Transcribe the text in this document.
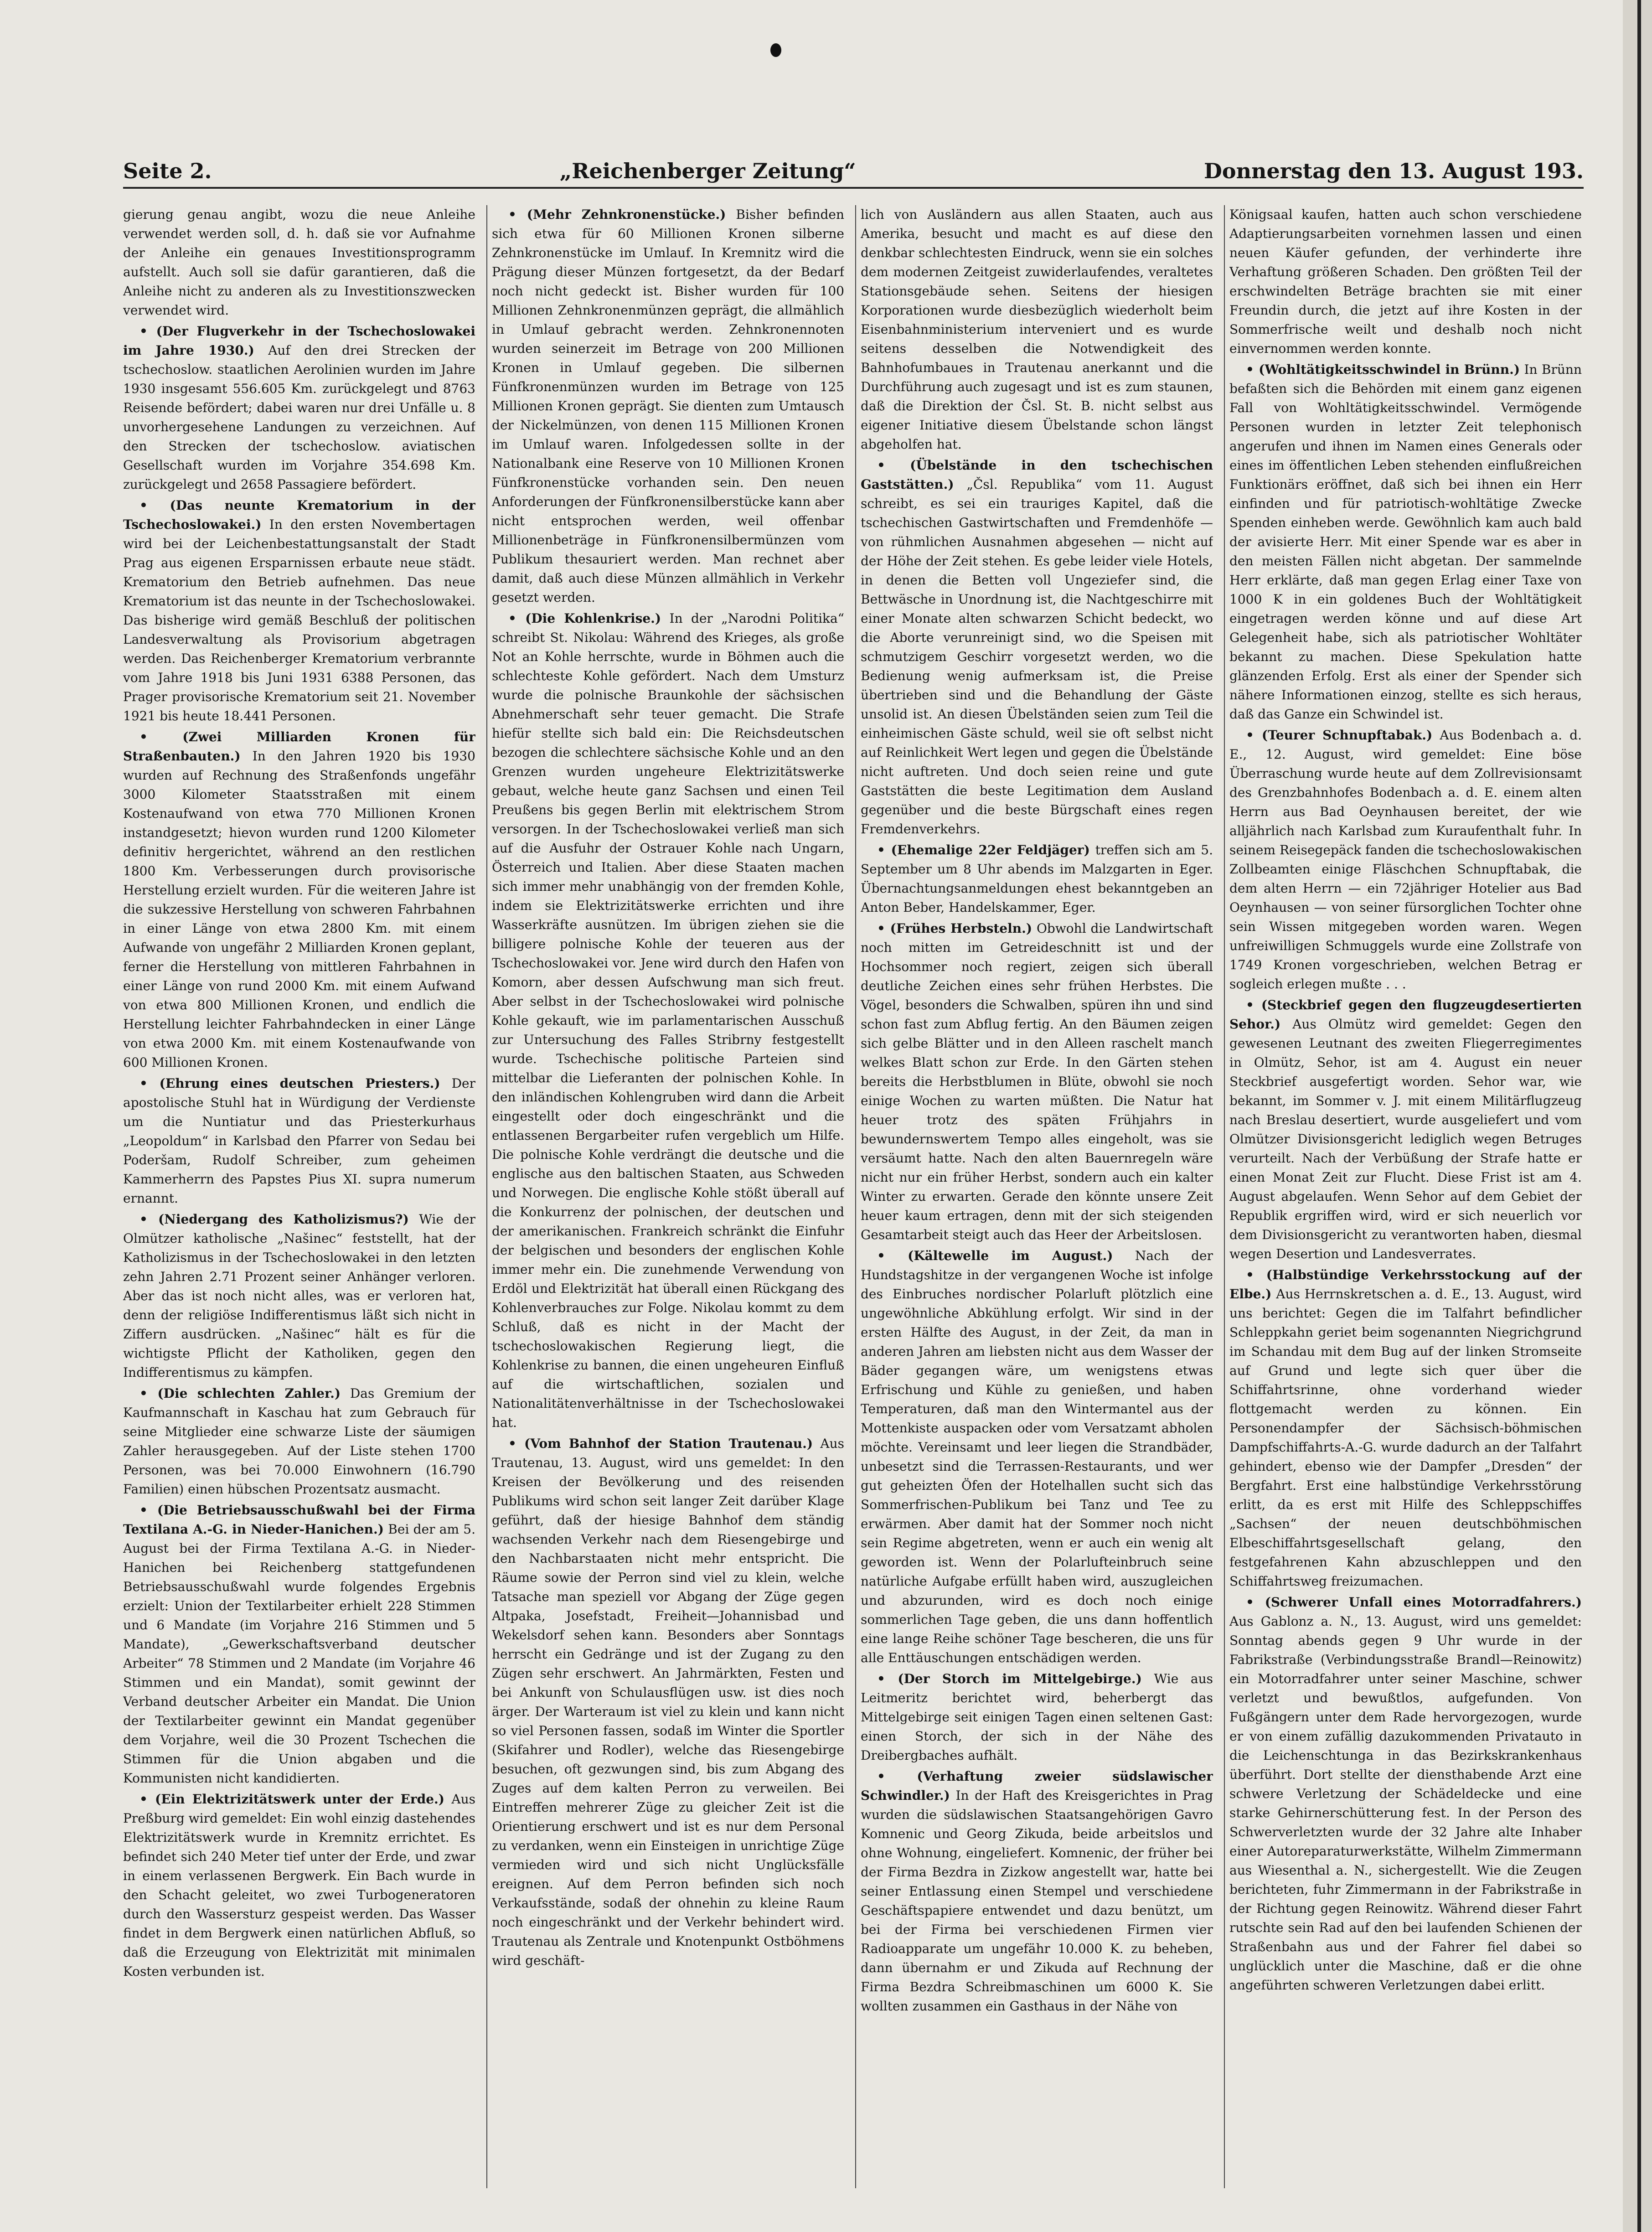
Seite 2.	„Reichenberger Zeitung“	Donnerstag den 13. August 193.

gierung genau angibt, wozu die neue Anleihe verwendet werden soll, d. h. daß sie vor Aufnahme der Anleihe ein genaues Investitionsprogramm aufstellt. Auch soll sie dafür garantieren, daß die Anleihe nicht zu anderen als zu Investitionszwecken verwendet wird.

• (Der Flugverkehr in der Tschechoslowakei im Jahre 1930.) Auf den drei Strecken der tschechoslow. staatlichen Aerolinien wurden im Jahre 1930 insgesamt 556.605 Km. zurückgelegt und 8763 Reisende befördert; dabei waren nur drei Unfälle u. 8 unvorhergesehene Landungen zu verzeichnen. Auf den Strecken der tschechoslow. aviatischen Gesellschaft wurden im Vorjahre 354.698 Km. zurückgelegt und 2658 Passagiere befördert.

• (Das neunte Krematorium in der Tschechoslowakei.) In den ersten Novembertagen wird bei der Leichenbestattungsanstalt der Stadt Prag aus eigenen Ersparnissen erbaute neue städt. Krematorium den Betrieb aufnehmen. Das neue Krematorium ist das neunte in der Tschechoslowakei. Das bisherige wird gemäß Beschluß der politischen Landesverwaltung als Provisorium abgetragen werden. Das Reichenberger Krematorium verbrannte vom Jahre 1918 bis Juni 1931 6388 Personen, das Prager provisorische Krematorium seit 21. November 1921 bis heute 18.441 Personen.

• (Zwei Milliarden Kronen für Straßenbauten.) In den Jahren 1920 bis 1930 wurden auf Rechnung des Straßenfonds ungefähr 3000 Kilometer Staatsstraßen mit einem Kostenaufwand von etwa 770 Millionen Kronen instandgesetzt; hievon wurden rund 1200 Kilometer definitiv hergerichtet, während an den restlichen 1800 Km. Verbesserungen durch provisorische Herstellung erzielt wurden. Für die weiteren Jahre ist die sukzessive Herstellung von schweren Fahrbahnen in einer Länge von etwa 2800 Km. mit einem Aufwande von ungefähr 2 Milliarden Kronen geplant, ferner die Herstellung von mittleren Fahrbahnen in einer Länge von rund 2000 Km. mit einem Aufwand von etwa 800 Millionen Kronen, und endlich die Herstellung leichter Fahrbahndecken in einer Länge von etwa 2000 Km. mit einem Kostenaufwande von 600 Millionen Kronen.

• (Ehrung eines deutschen Priesters.) Der apostolische Stuhl hat in Würdigung der Verdienste um die Nuntiatur und das Priesterkurhaus „Leopoldum“ in Karlsbad den Pfarrer von Sedau bei Poderšam, Rudolf Schreiber, zum geheimen Kammerherrn des Papstes Pius XI. supra numerum ernannt.

• (Niedergang des Katholizismus?) Wie der Olmützer katholische „Našinec“ feststellt, hat der Katholizismus in der Tschechoslowakei in den letzten zehn Jahren 2.71 Prozent seiner Anhänger verloren. Aber das ist noch nicht alles, was er verloren hat, denn der religiöse Indifferentismus läßt sich nicht in Ziffern ausdrücken. „Našinec“ hält es für die wichtigste Pflicht der Katholiken, gegen den Indifferentismus zu kämpfen.

• (Die schlechten Zahler.) Das Gremium der Kaufmannschaft in Kaschau hat zum Gebrauch für seine Mitglieder eine schwarze Liste der säumigen Zahler herausgegeben. Auf der Liste stehen 1700 Personen, was bei 70.000 Einwohnern (16.790 Familien) einen hübschen Prozentsatz ausmacht.

• (Die Betriebsausschußwahl bei der Firma Textilana A.-G. in Nieder-Hanichen.) Bei der am 5. August bei der Firma Textilana A.-G. in Nieder-Hanichen bei Reichenberg stattgefundenen Betriebsausschußwahl wurde folgendes Ergebnis erzielt: Union der Textilarbeiter erhielt 228 Stimmen und 6 Mandate (im Vorjahre 216 Stimmen und 5 Mandate), „Gewerkschaftsverband deutscher Arbeiter“ 78 Stimmen und 2 Mandate (im Vorjahre 46 Stimmen und ein Mandat), somit gewinnt der Verband deutscher Arbeiter ein Mandat. Die Union der Textilarbeiter gewinnt ein Mandat gegenüber dem Vorjahre, weil die 30 Prozent Tschechen die Stimmen für die Union abgaben und die Kommunisten nicht kandidierten.

• (Ein Elektrizitätswerk unter der Erde.) Aus Preßburg wird gemeldet: Ein wohl einzig dastehendes Elektrizitätswerk wurde in Kremnitz errichtet. Es befindet sich 240 Meter tief unter der Erde, und zwar in einem verlassenen Bergwerk. Ein Bach wurde in den Schacht geleitet, wo zwei Turbogeneratoren durch den Wassersturz gespeist werden. Das Wasser findet in dem Bergwerk einen natürlichen Abfluß, so daß die Erzeugung von Elektrizität mit minimalen Kosten verbunden ist.

• (Mehr Zehnkronenstücke.) Bisher befinden sich etwa für 60 Millionen Kronen silberne Zehnkronenstücke im Umlauf. In Kremnitz wird die Prägung dieser Münzen fortgesetzt, da der Bedarf noch nicht gedeckt ist. Bisher wurden für 100 Millionen Zehnkronenmünzen geprägt, die allmählich in Umlauf gebracht werden. Zehnkronennoten wurden seinerzeit im Betrage von 200 Millionen Kronen in Umlauf gegeben. Die silbernen Fünfkronenmünzen wurden im Betrage von 125 Millionen Kronen geprägt. Sie dienten zum Umtausch der Nickelmünzen, von denen 115 Millionen Kronen im Umlauf waren. Infolgedessen sollte in der Nationalbank eine Reserve von 10 Millionen Kronen Fünfkronenstücke vorhanden sein. Den neuen Anforderungen der Fünfkronensilberstücke kann aber nicht entsprochen werden, weil offenbar Millionenbeträge in Fünfkronensilbermünzen vom Publikum thesauriert werden. Man rechnet aber damit, daß auch diese Münzen allmählich in Verkehr gesetzt werden.

• (Die Kohlenkrise.) In der „Narodni Politika“ schreibt St. Nikolau: Während des Krieges, als große Not an Kohle herrschte, wurde in Böhmen auch die schlechteste Kohle gefördert. Nach dem Umsturz wurde die polnische Braunkohle der sächsischen Abnehmerschaft sehr teuer gemacht. Die Strafe hiefür stellte sich bald ein: Die Reichsdeutschen bezogen die schlechtere sächsische Kohle und an den Grenzen wurden ungeheure Elektrizitätswerke gebaut, welche heute ganz Sachsen und einen Teil Preußens bis gegen Berlin mit elektrischem Strom versorgen. In der Tschechoslowakei verließ man sich auf die Ausfuhr der Ostrauer Kohle nach Ungarn, Österreich und Italien. Aber diese Staaten machen sich immer mehr unabhängig von der fremden Kohle, indem sie Elektrizitätswerke errichten und ihre Wasserkräfte ausnützen. Im übrigen ziehen sie die billigere polnische Kohle der teueren aus der Tschechoslowakei vor. Jene wird durch den Hafen von Komorn, aber dessen Aufschwung man sich freut. Aber selbst in der Tschechoslowakei wird polnische Kohle gekauft, wie im parlamentarischen Ausschuß zur Untersuchung des Falles Stribrny festgestellt wurde. Tschechische politische Parteien sind mittelbar die Lieferanten der polnischen Kohle. In den inländischen Kohlengruben wird dann die Arbeit eingestellt oder doch eingeschränkt und die entlassenen Bergarbeiter rufen vergeblich um Hilfe. Die polnische Kohle verdrängt die deutsche und die englische aus den baltischen Staaten, aus Schweden und Norwegen. Die englische Kohle stößt überall auf die Konkurrenz der polnischen, der deutschen und der amerikanischen. Frankreich schränkt die Einfuhr der belgischen und besonders der englischen Kohle immer mehr ein. Die zunehmende Verwendung von Erdöl und Elektrizität hat überall einen Rückgang des Kohlenverbrauches zur Folge. Nikolau kommt zu dem Schluß, daß es nicht in der Macht der tschechoslowakischen Regierung liegt, die Kohlenkrise zu bannen, die einen ungeheuren Einfluß auf die wirtschaftlichen, sozialen und Nationalitätenverhältnisse in der Tschechoslowakei hat.

• (Vom Bahnhof der Station Trautenau.) Aus Trautenau, 13. August, wird uns gemeldet: In den Kreisen der Bevölkerung und des reisenden Publikums wird schon seit langer Zeit darüber Klage geführt, daß der hiesige Bahnhof dem ständig wachsenden Verkehr nach dem Riesengebirge und den Nachbarstaaten nicht mehr entspricht. Die Räume sowie der Perron sind viel zu klein, welche Tatsache man speziell vor Abgang der Züge gegen Altpaka, Josefstadt, Freiheit—Johannisbad und Wekelsdorf sehen kann. Besonders aber Sonntags herrscht ein Gedränge und ist der Zugang zu den Zügen sehr erschwert. An Jahrmärkten, Festen und bei Ankunft von Schulausflügen usw. ist dies noch ärger. Der Warteraum ist viel zu klein und kann nicht so viel Personen fassen, sodaß im Winter die Sportler (Skifahrer und Rodler), welche das Riesengebirge besuchen, oft gezwungen sind, bis zum Abgang des Zuges auf dem kalten Perron zu verweilen. Bei Eintreffen mehrerer Züge zu gleicher Zeit ist die Orientierung erschwert und ist es nur dem Personal zu verdanken, wenn ein Einsteigen in unrichtige Züge vermieden wird und sich nicht Unglücksfälle ereignen. Auf dem Perron befinden sich noch Verkaufsstände, sodaß der ohnehin zu kleine Raum noch eingeschränkt und der Verkehr behindert wird. Trautenau als Zentrale und Knotenpunkt Ostböhmens wird geschäft-

lich von Ausländern aus allen Staaten, auch aus Amerika, besucht und macht es auf diese den denkbar schlechtesten Eindruck, wenn sie ein solches dem modernen Zeitgeist zuwiderlaufendes, veraltetes Stationsgebäude sehen. Seitens der hiesigen Korporationen wurde diesbezüglich wiederholt beim Eisenbahnministerium interveniert und es wurde seitens desselben die Notwendigkeit des Bahnhofumbaues in Trautenau anerkannt und die Durchführung auch zugesagt und ist es zum staunen, daß die Direktion der Čsl. St. B. nicht selbst aus eigener Initiative diesem Übelstande schon längst abgeholfen hat.

• (Übelstände in den tschechischen Gaststätten.) „Čsl. Republika“ vom 11. August schreibt, es sei ein trauriges Kapitel, daß die tschechischen Gastwirtschaften und Fremdenhöfe — von rühmlichen Ausnahmen abgesehen — nicht auf der Höhe der Zeit stehen. Es gebe leider viele Hotels, in denen die Betten voll Ungeziefer sind, die Bettwäsche in Unordnung ist, die Nachtgeschirre mit einer Monate alten schwarzen Schicht bedeckt, wo die Aborte verunreinigt sind, wo die Speisen mit schmutzigem Geschirr vorgesetzt werden, wo die Bedienung wenig aufmerksam ist, die Preise übertrieben sind und die Behandlung der Gäste unsolid ist. An diesen Übelständen seien zum Teil die einheimischen Gäste schuld, weil sie oft selbst nicht auf Reinlichkeit Wert legen und gegen die Übelstände nicht auftreten. Und doch seien reine und gute Gaststätten die beste Legitimation dem Ausland gegenüber und die beste Bürgschaft eines regen Fremdenverkehrs.

• (Ehemalige 22er Feldjäger) treffen sich am 5. September um 8 Uhr abends im Malzgarten in Eger. Übernachtungsanmeldungen ehest bekanntgeben an Anton Beber, Handelskammer, Eger.

• (Frühes Herbsteln.) Obwohl die Landwirtschaft noch mitten im Getreideschnitt ist und der Hochsommer noch regiert, zeigen sich überall deutliche Zeichen eines sehr frühen Herbstes. Die Vögel, besonders die Schwalben, spüren ihn und sind schon fast zum Abflug fertig. An den Bäumen zeigen sich gelbe Blätter und in den Alleen raschelt manch welkes Blatt schon zur Erde. In den Gärten stehen bereits die Herbstblumen in Blüte, obwohl sie noch einige Wochen zu warten müßten. Die Natur hat heuer trotz des späten Frühjahrs in bewundernswertem Tempo alles eingeholt, was sie versäumt hatte. Nach den alten Bauernregeln wäre nicht nur ein früher Herbst, sondern auch ein kalter Winter zu erwarten. Gerade den könnte unsere Zeit heuer kaum ertragen, denn mit der sich steigenden Gesamtarbeit steigt auch das Heer der Arbeitslosen.

• (Kältewelle im August.) Nach der Hundstagshitze in der vergangenen Woche ist infolge des Einbruches nordischer Polarluft plötzlich eine ungewöhnliche Abkühlung erfolgt. Wir sind in der ersten Hälfte des August, in der Zeit, da man in anderen Jahren am liebsten nicht aus dem Wasser der Bäder gegangen wäre, um wenigstens etwas Erfrischung und Kühle zu genießen, und haben Temperaturen, daß man den Wintermantel aus der Mottenkiste auspacken oder vom Versatzamt abholen möchte. Vereinsamt und leer liegen die Strandbäder, unbesetzt sind die Terrassen-Restaurants, und wer gut geheizten Öfen der Hotelhallen sucht sich das Sommerfrischen-Publikum bei Tanz und Tee zu erwärmen. Aber damit hat der Sommer noch nicht sein Regime abgetreten, wenn er auch ein wenig alt geworden ist. Wenn der Polarlufteinbruch seine natürliche Aufgabe erfüllt haben wird, auszugleichen und abzurunden, wird es doch noch einige sommerlichen Tage geben, die uns dann hoffentlich eine lange Reihe schöner Tage bescheren, die uns für alle Enttäuschungen entschädigen werden.

• (Der Storch im Mittelgebirge.) Wie aus Leitmeritz berichtet wird, beherbergt das Mittelgebirge seit einigen Tagen einen seltenen Gast: einen Storch, der sich in der Nähe des Dreibergbaches aufhält.

• (Verhaftung zweier südslawischer Schwindler.) In der Haft des Kreisgerichtes in Prag wurden die südslawischen Staatsangehörigen Gavro Komnenic und Georg Zikuda, beide arbeitslos und ohne Wohnung, eingeliefert. Komnenic, der früher bei der Firma Bezdra in Zizkow angestellt war, hatte bei seiner Entlassung einen Stempel und verschiedene Geschäftspapiere entwendet und dazu benützt, um bei der Firma bei verschiedenen Firmen vier Radioapparate um ungefähr 10.000 K. zu beheben, dann übernahm er und Zikuda auf Rechnung der Firma Bezdra Schreibmaschinen um 6000 K. Sie wollten zusammen ein Gasthaus in der Nähe von

Königsaal kaufen, hatten auch schon verschiedene Adaptierungsarbeiten vornehmen lassen und einen neuen Käufer gefunden, der verhinderte ihre Verhaftung größeren Schaden. Den größten Teil der erschwindelten Beträge brachten sie mit einer Freundin durch, die jetzt auf ihre Kosten in der Sommerfrische weilt und deshalb noch nicht einvernommen werden konnte.

• (Wohltätigkeitsschwindel in Brünn.) In Brünn befaßten sich die Behörden mit einem ganz eigenen Fall von Wohltätigkeitsschwindel. Vermögende Personen wurden in letzter Zeit telephonisch angerufen und ihnen im Namen eines Generals oder eines im öffentlichen Leben stehenden einflußreichen Funktionärs eröffnet, daß sich bei ihnen ein Herr einfinden und für patriotisch-wohltätige Zwecke Spenden einheben werde. Gewöhnlich kam auch bald der avisierte Herr. Mit einer Spende war es aber in den meisten Fällen nicht abgetan. Der sammelnde Herr erklärte, daß man gegen Erlag einer Taxe von 1000 K in ein goldenes Buch der Wohltätigkeit eingetragen werden könne und auf diese Art Gelegenheit habe, sich als patriotischer Wohltäter bekannt zu machen. Diese Spekulation hatte glänzenden Erfolg. Erst als einer der Spender sich nähere Informationen einzog, stellte es sich heraus, daß das Ganze ein Schwindel ist.

• (Teurer Schnupftabak.) Aus Bodenbach a. d. E., 12. August, wird gemeldet: Eine böse Überraschung wurde heute auf dem Zollrevisionsamt des Grenzbahnhofes Bodenbach a. d. E. einem alten Herrn aus Bad Oeynhausen bereitet, der wie alljährlich nach Karlsbad zum Kuraufenthalt fuhr. In seinem Reisegepäck fanden die tschechoslowakischen Zollbeamten einige Fläschchen Schnupftabak, die dem alten Herrn — ein 72jähriger Hotelier aus Bad Oeynhausen — von seiner fürsorglichen Tochter ohne sein Wissen mitgegeben worden waren. Wegen unfreiwilligen Schmuggels wurde eine Zollstrafe von 1749 Kronen vorgeschrieben, welchen Betrag er sogleich erlegen mußte . . .

• (Steckbrief gegen den flugzeugdesertierten Sehor.) Aus Olmütz wird gemeldet: Gegen den gewesenen Leutnant des zweiten Fliegerregimentes in Olmütz, Sehor, ist am 4. August ein neuer Steckbrief ausgefertigt worden. Sehor war, wie bekannt, im Sommer v. J. mit einem Militärflugzeug nach Breslau desertiert, wurde ausgeliefert und vom Olmützer Divisionsgericht lediglich wegen Betruges verurteilt. Nach der Verbüßung der Strafe hatte er einen Monat Zeit zur Flucht. Diese Frist ist am 4. August abgelaufen. Wenn Sehor auf dem Gebiet der Republik ergriffen wird, wird er sich neuerlich vor dem Divisionsgericht zu verantworten haben, diesmal wegen Desertion und Landesverrates.

• (Halbstündige Verkehrsstockung auf der Elbe.) Aus Herrnskretschen a. d. E., 13. August, wird uns berichtet: Gegen die im Talfahrt befindlicher Schleppkahn geriet beim sogenannten Niegrichgrund im Schandau mit dem Bug auf der linken Stromseite auf Grund und legte sich quer über die Schiffahrtsrinne, ohne vorderhand wieder flottgemacht werden zu können. Ein Personendampfer der Sächsisch-böhmischen Dampfschiffahrts-A.-G. wurde dadurch an der Talfahrt gehindert, ebenso wie der Dampfer „Dresden“ der Bergfahrt. Erst eine halbstündige Verkehrsstörung erlitt, da es erst mit Hilfe des Schleppschiffes „Sachsen“ der neuen deutschböhmischen Elbeschiffahrtsgesellschaft gelang, den festgefahrenen Kahn abzuschleppen und den Schiffahrtsweg freizumachen.

• (Schwerer Unfall eines Motorradfahrers.) Aus Gablonz a. N., 13. August, wird uns gemeldet: Sonntag abends gegen 9 Uhr wurde in der Fabrikstraße (Verbindungsstraße Brandl—Reinowitz) ein Motorradfahrer unter seiner Maschine, schwer verletzt und bewußtlos, aufgefunden. Von Fußgängern unter dem Rade hervorgezogen, wurde er von einem zufällig dazukommenden Privatauto in die Leichenschtunga in das Bezirkskrankenhaus überführt. Dort stellte der diensthabende Arzt eine schwere Verletzung der Schädeldecke und eine starke Gehirnerschütterung fest. In der Person des Schwerverletzten wurde der 32 Jahre alte Inhaber einer Autoreparaturwerkstätte, Wilhelm Zimmermann aus Wiesenthal a. N., sichergestellt. Wie die Zeugen berichteten, fuhr Zimmermann in der Fabrikstraße in der Richtung gegen Reinowitz. Während dieser Fahrt rutschte sein Rad auf den bei laufenden Schienen der Straßenbahn aus und der Fahrer fiel dabei so unglücklich unter die Maschine, daß er die ohne angeführten schweren Verletzungen dabei erlitt.
